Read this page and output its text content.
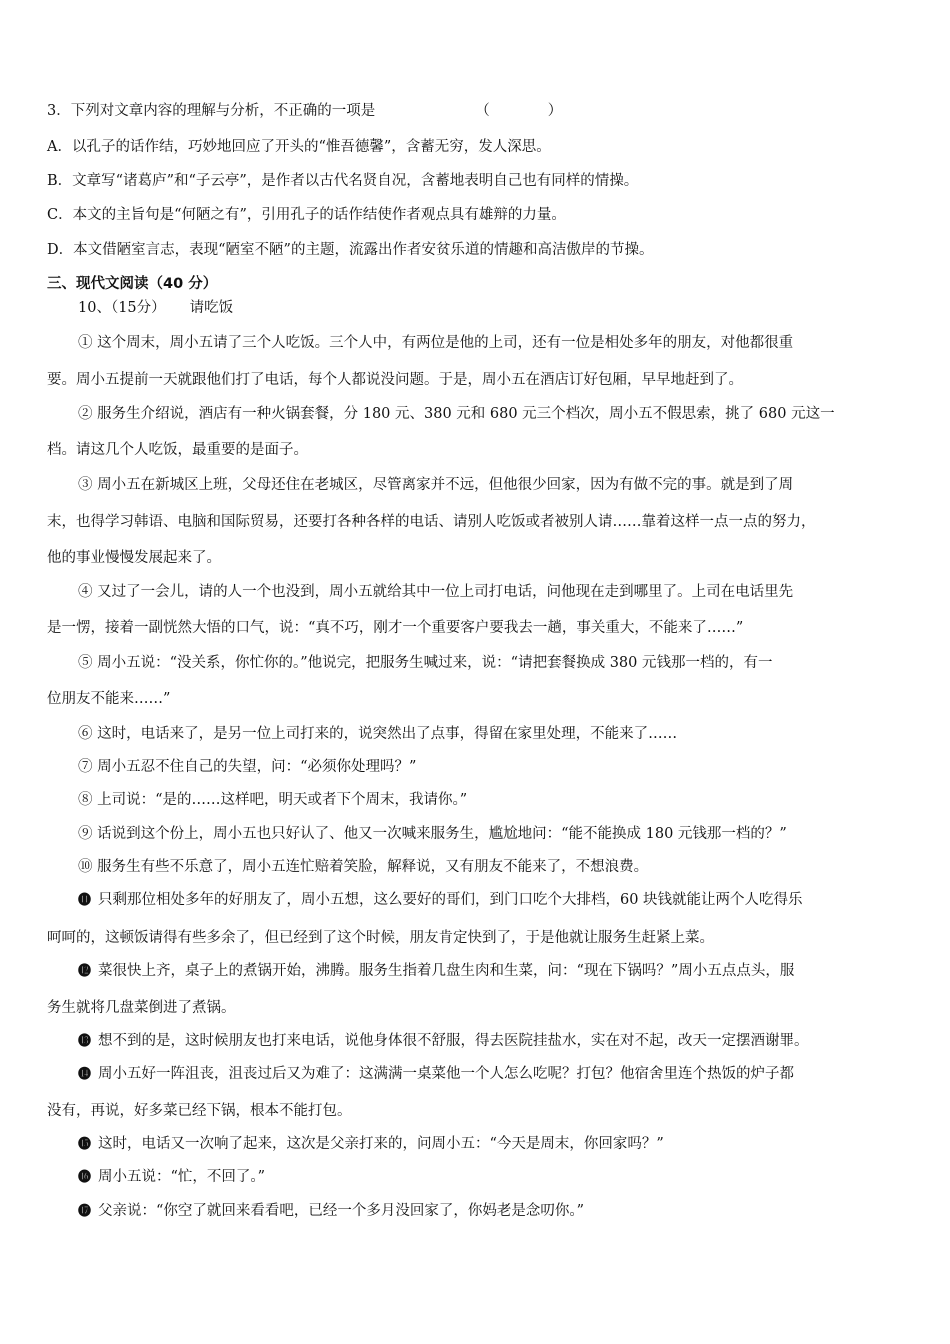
3．下列对文章内容的理解与分析，不正确的一项是	（　　　　）
A．以孔子的话作结，巧妙地回应了开头的“惟吾德馨”，含蓄无穷，发人深思。
B．文章写“诸葛庐”和“子云亭”，是作者以古代名贤自况，含蓄地表明自己也有同样的情操。
C．本文的主旨句是“何陋之有”，引用孔子的话作结使作者观点具有雄辩的力量。
D．本文借陋室言志，表现“陋室不陋”的主题，流露出作者安贫乐道的情趣和高洁傲岸的节操。
三、现代文阅读（40 分）
10、（15分） 请吃饭
① 这个周末，周小五请了三个人吃饭。三个人中，有两位是他的上司，还有一位是相处多年的朋友，对他都很重
要。周小五提前一天就跟他们打了电话，每个人都说没问题。于是，周小五在酒店订好包厢，早早地赶到了。
② 服务生介绍说，酒店有一种火锅套餐，分 180 元、380 元和 680 元三个档次，周小五不假思索，挑了 680 元这一
档。请这几个人吃饭，最重要的是面子。
③ 周小五在新城区上班，父母还住在老城区，尽管离家并不远，但他很少回家，因为有做不完的事。就是到了周
末，也得学习韩语、电脑和国际贸易，还要打各种各样的电话、请别人吃饭或者被别人请……靠着这样一点一点的努力，
他的事业慢慢发展起来了。
④ 又过了一会儿，请的人一个也没到，周小五就给其中一位上司打电话，问他现在走到哪里了。上司在电话里先
是一愣，接着一副恍然大悟的口气，说：“真不巧，刚才一个重要客户要我去一趟，事关重大，不能来了……”
⑤ 周小五说：“没关系，你忙你的。”他说完，把服务生喊过来，说：“请把套餐换成 380 元钱那一档的，有一
位朋友不能来……”
⑥ 这时，电话来了，是另一位上司打来的，说突然出了点事，得留在家里处理，不能来了……
⑦ 周小五忍不住自己的失望，问：“必须你处理吗？”
⑧ 上司说：“是的……这样吧，明天或者下个周末，我请你。”
⑨ 话说到这个份上，周小五也只好认了、他又一次喊来服务生，尴尬地问：“能不能换成 180 元钱那一档的？”
⑩ 服务生有些不乐意了，周小五连忙赔着笑脸，解释说，又有朋友不能来了，不想浪费。
⓫ 只剩那位相处多年的好朋友了，周小五想，这么要好的哥们，到门口吃个大排档，60 块钱就能让两个人吃得乐
呵呵的，这顿饭请得有些多余了，但已经到了这个时候，朋友肯定快到了，于是他就让服务生赶紧上菜。
⓬ 菜很快上齐，桌子上的煮锅开始，沸腾。服务生指着几盘生肉和生菜，问：“现在下锅吗？”周小五点点头，服
务生就将几盘菜倒进了煮锅。
⓭ 想不到的是，这时候朋友也打来电话，说他身体很不舒服，得去医院挂盐水，实在对不起，改天一定摆酒谢罪。
⓮ 周小五好一阵沮丧，沮丧过后又为难了：这满满一桌菜他一个人怎么吃呢？打包？他宿舍里连个热饭的炉子都
没有，再说，好多菜已经下锅，根本不能打包。
⓯ 这时，电话又一次响了起来，这次是父亲打来的，问周小五：“今天是周末，你回家吗？”
⓰ 周小五说：“忙，不回了。”
⓱ 父亲说：“你空了就回来看看吧，已经一个多月没回家了，你妈老是念叨你。”
